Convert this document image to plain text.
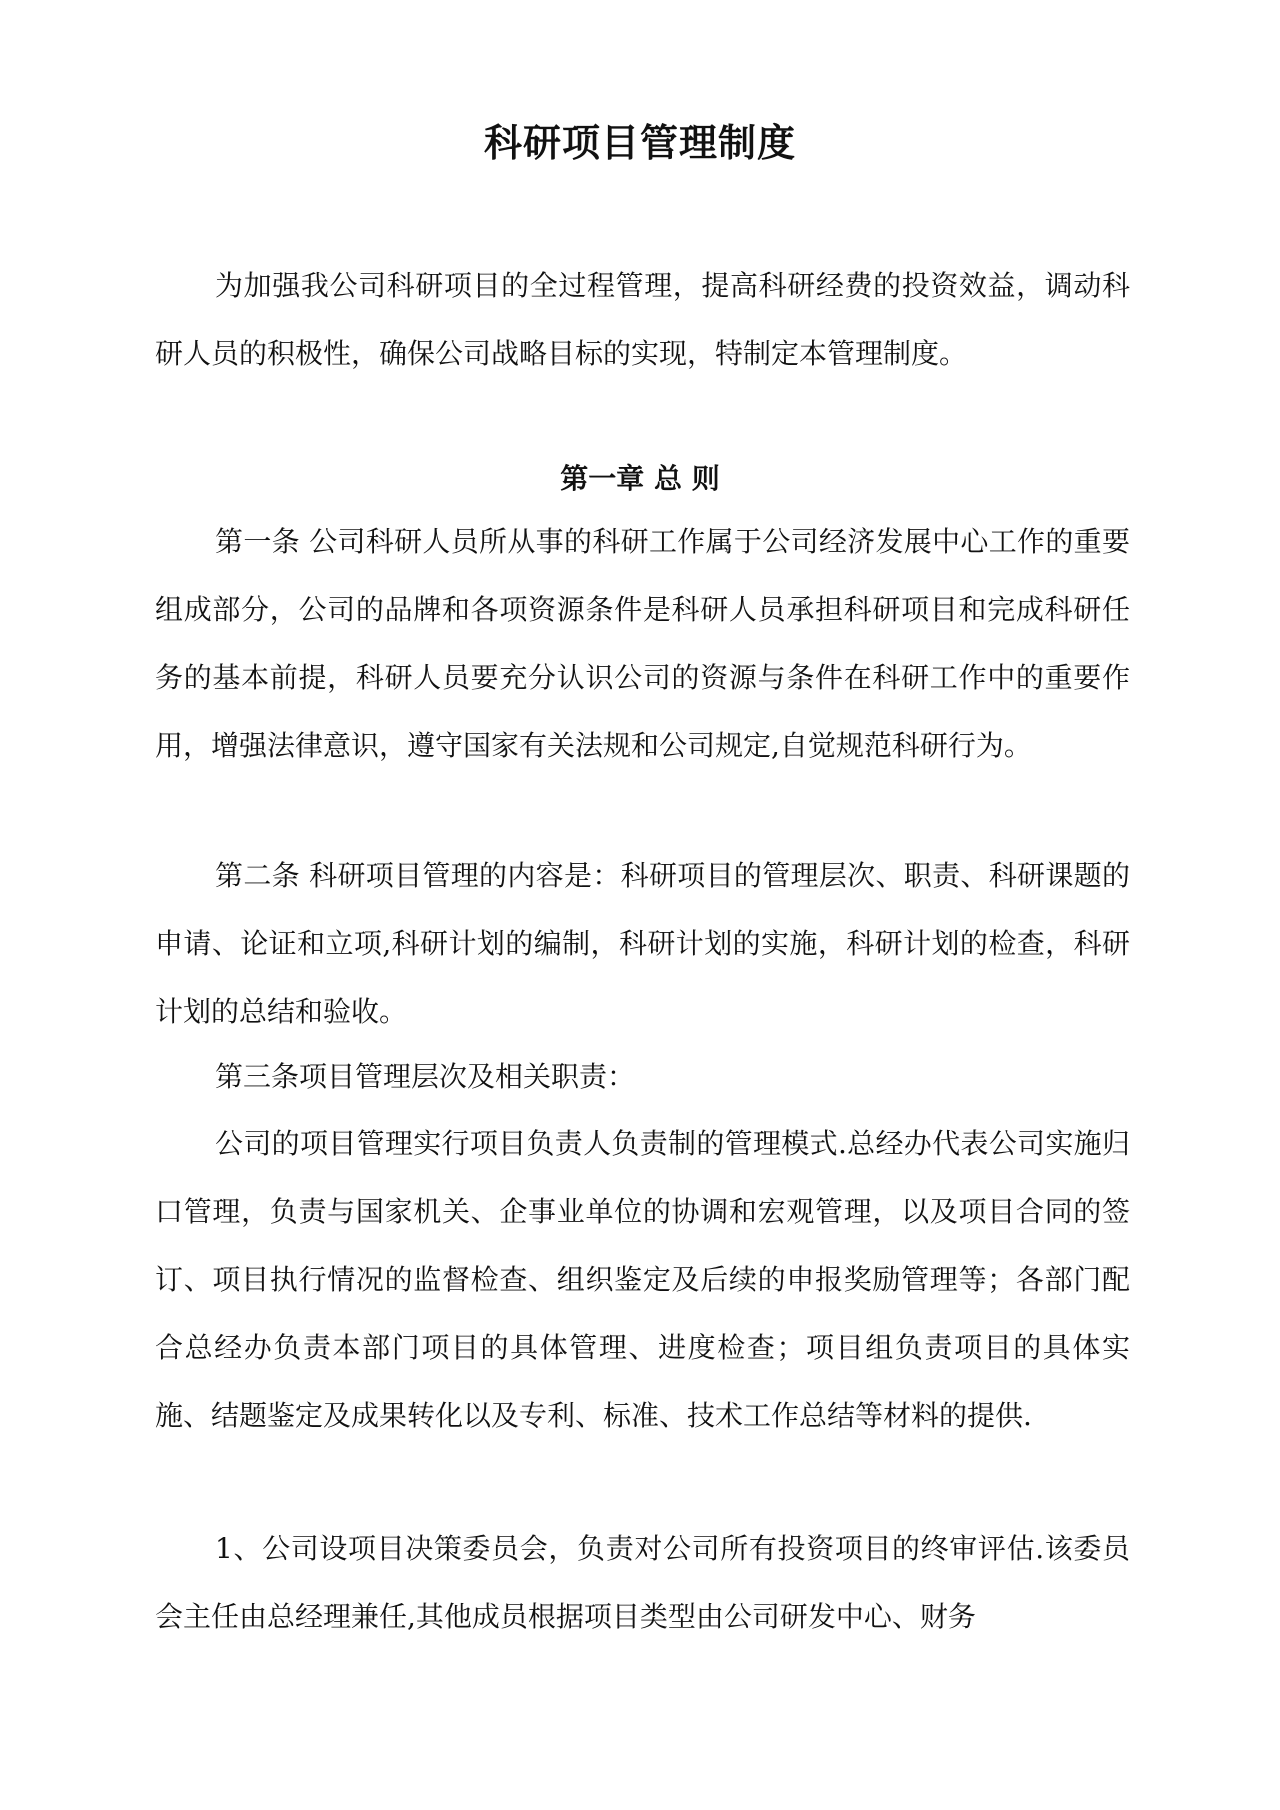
科研项目管理制度

为加强我公司科研项目的全过程管理，提高科研经费的投资效益，调动科研人员的积极性，确保公司战略目标的实现，特制定本管理制度。

第一章 总 则

第一条 公司科研人员所从事的科研工作属于公司经济发展中心工作的重要组成部分，公司的品牌和各项资源条件是科研人员承担科研项目和完成科研任务的基本前提，科研人员要充分认识公司的资源与条件在科研工作中的重要作用，增强法律意识，遵守国家有关法规和公司规定,自觉规范科研行为。

第二条 科研项目管理的内容是：科研项目的管理层次、职责、科研课题的申请、论证和立项,科研计划的编制，科研计划的实施，科研计划的检查，科研计划的总结和验收。

第三条项目管理层次及相关职责：

公司的项目管理实行项目负责人负责制的管理模式.总经办代表公司实施归口管理，负责与国家机关、企事业单位的协调和宏观管理，以及项目合同的签订、项目执行情况的监督检查、组织鉴定及后续的申报奖励管理等；各部门配合总经办负责本部门项目的具体管理、进度检查；项目组负责项目的具体实施、结题鉴定及成果转化以及专利、标准、技术工作总结等材料的提供.

1、公司设项目决策委员会，负责对公司所有投资项目的终审评估.该委员会主任由总经理兼任,其他成员根据项目类型由公司研发中心、财务
